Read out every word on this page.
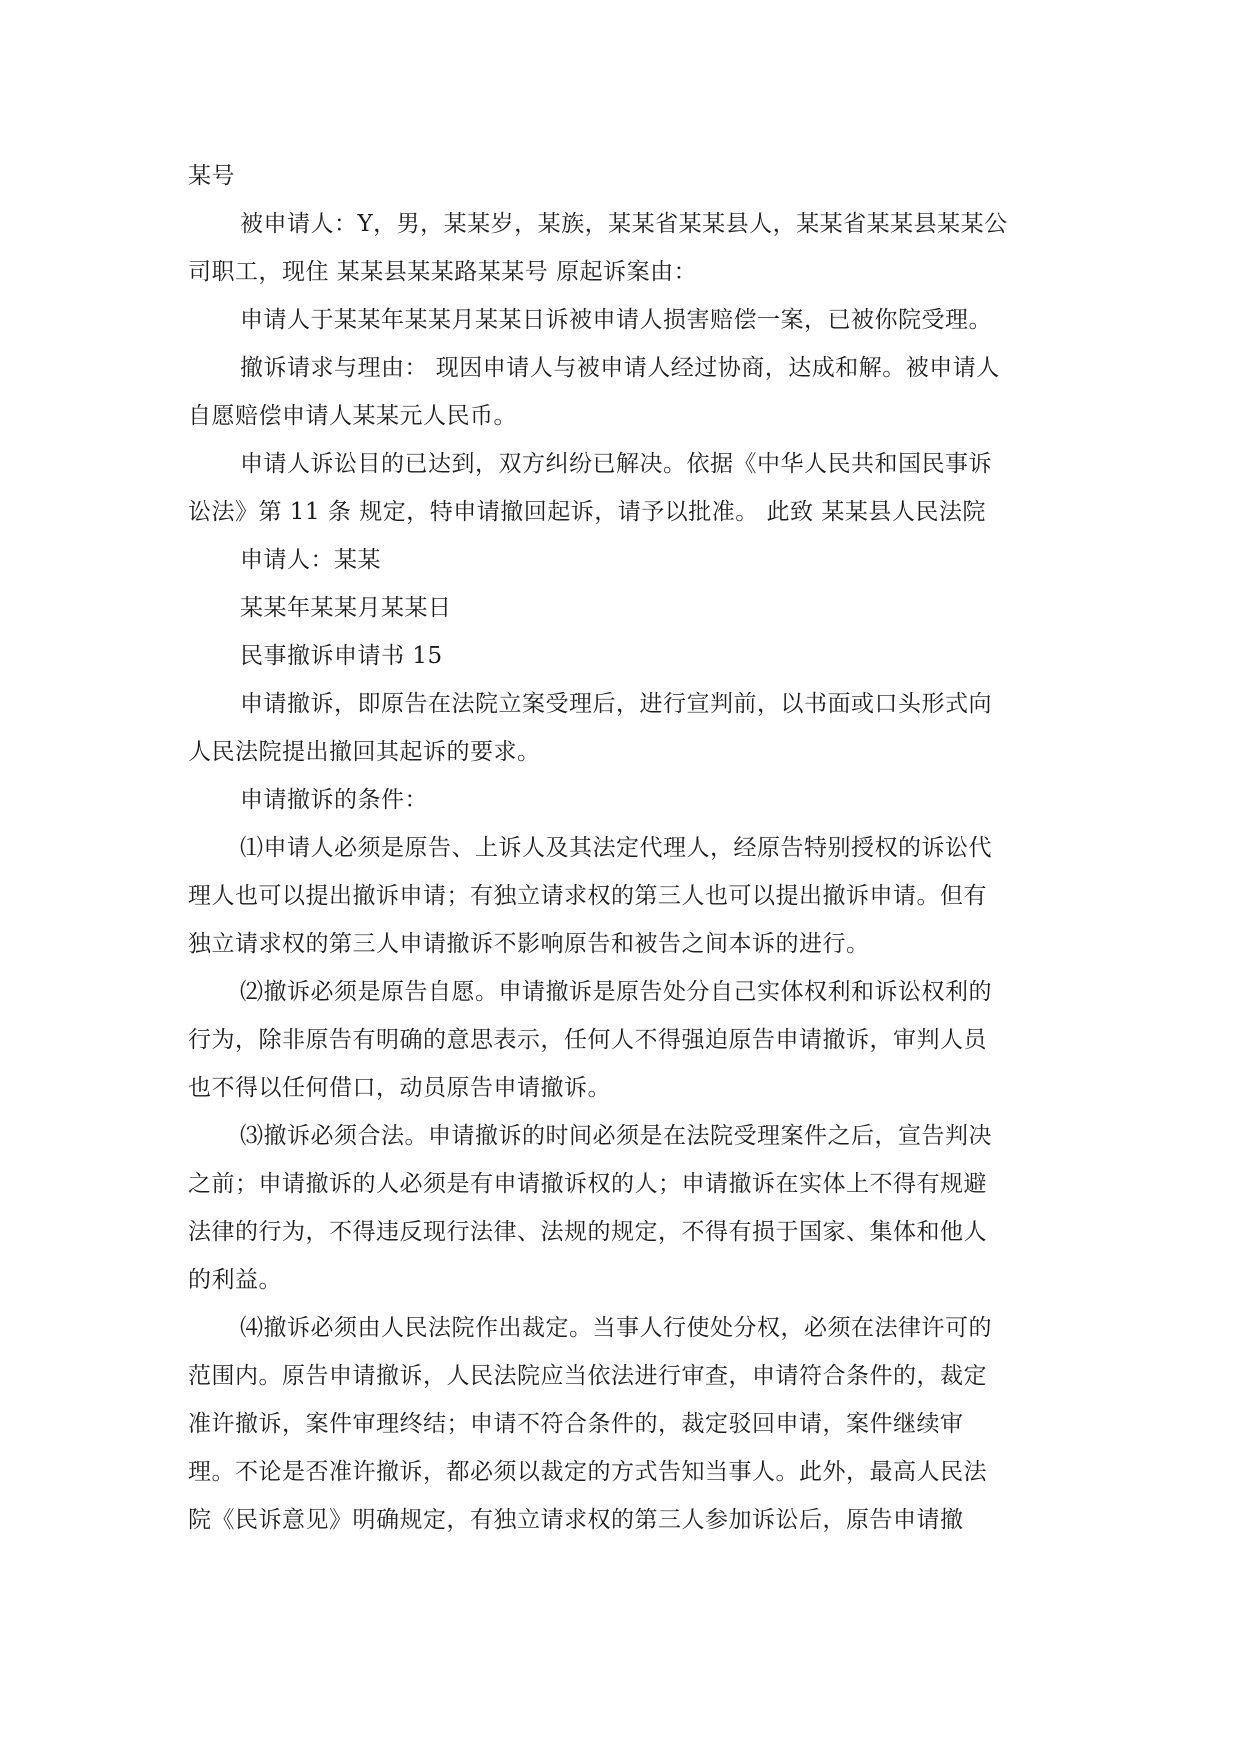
某号
被申请人：Y，男，某某岁，某族，某某省某某县人，某某省某某县某某公
司职工，现住 某某县某某路某某号 原起诉案由：
申请人于某某年某某月某某日诉被申请人损害赔偿一案，已被你院受理。
撤诉请求与理由： 现因申请人与被申请人经过协商，达成和解。被申请人
自愿赔偿申请人某某元人民币。
申请人诉讼目的已达到，双方纠纷已解决。依据《中华人民共和国民事诉
讼法》第 11 条 规定，特申请撤回起诉，请予以批准。 此致 某某县人民法院
申请人：某某
某某年某某月某某日
民事撤诉申请书 15
申请撤诉，即原告在法院立案受理后，进行宣判前，以书面或口头形式向
人民法院提出撤回其起诉的要求。
申请撤诉的条件：
⑴申请人必须是原告、上诉人及其法定代理人，经原告特别授权的诉讼代
理人也可以提出撤诉申请；有独立请求权的第三人也可以提出撤诉申请。但有
独立请求权的第三人申请撤诉不影响原告和被告之间本诉的进行。
⑵撤诉必须是原告自愿。申请撤诉是原告处分自己实体权利和诉讼权利的
行为，除非原告有明确的意思表示，任何人不得强迫原告申请撤诉，审判人员
也不得以任何借口，动员原告申请撤诉。
⑶撤诉必须合法。申请撤诉的时间必须是在法院受理案件之后，宣告判决
之前；申请撤诉的人必须是有申请撤诉权的人；申请撤诉在实体上不得有规避
法律的行为，不得违反现行法律、法规的规定，不得有损于国家、集体和他人
的利益。
⑷撤诉必须由人民法院作出裁定。当事人行使处分权，必须在法律许可的
范围内。原告申请撤诉，人民法院应当依法进行审查，申请符合条件的，裁定
准许撤诉，案件审理终结；申请不符合条件的，裁定驳回申请，案件继续审
理。不论是否准许撤诉，都必须以裁定的方式告知当事人。此外，最高人民法
院《民诉意见》明确规定，有独立请求权的第三人参加诉讼后，原告申请撤
